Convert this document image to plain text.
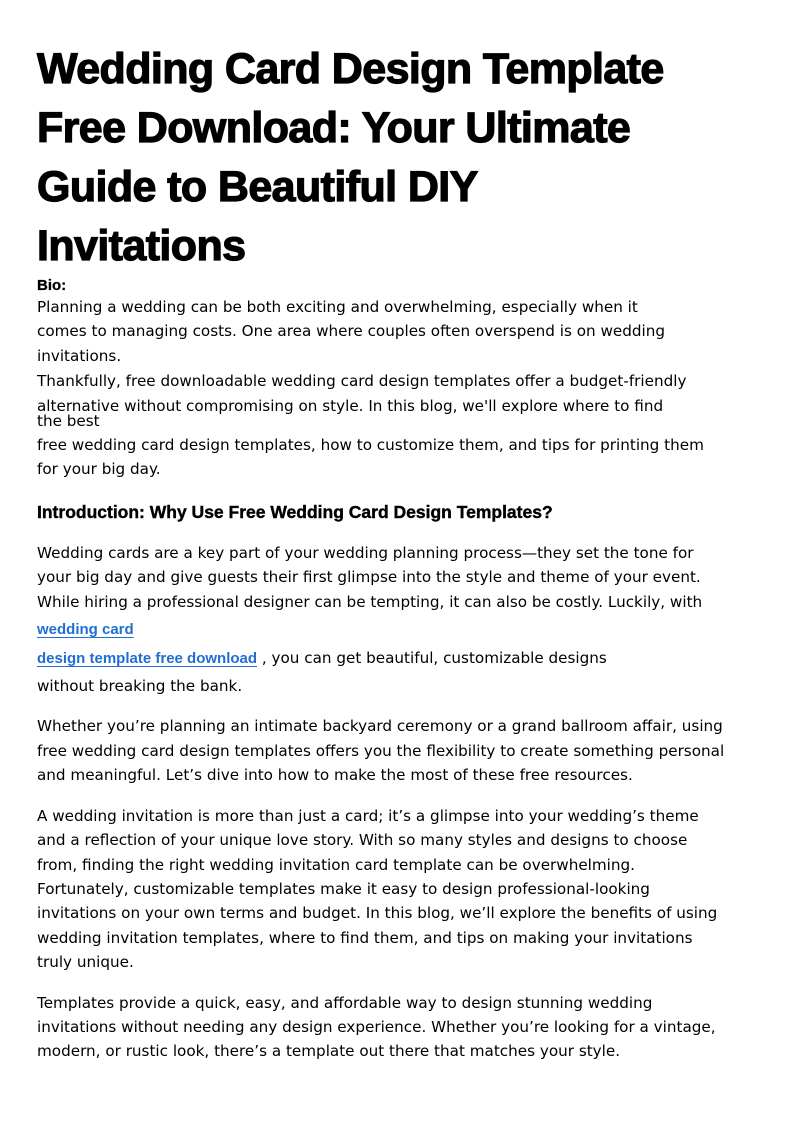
Wedding Card Design Template
Free Download: Your Ultimate
Guide to Beautiful DIY
Invitations
Bio:

Planning a wedding can be both exciting and overwhelming, especially when it
comes to managing costs. One area where couples often overspend is on wedding
invitations.

Thankfully, free downloadable wedding card design templates offer a budget-friendly
alternative without compromising on style. In this blog, we'll explore where to find
the best
free wedding card design templates, how to customize them, and tips for printing them
for your big day.

Introduction: Why Use Free Wedding Card Design Templates?

Wedding cards are a key part of your wedding planning process—they set the tone for
your big day and give guests their first glimpse into the style and theme of your event.
While hiring a professional designer can be tempting, it can also be costly. Luckily, with
wedding card
design template free download , you can get beautiful, customizable designs
without breaking the bank.

Whether you’re planning an intimate backyard ceremony or a grand ballroom affair, using
free wedding card design templates offers you the flexibility to create something personal
and meaningful. Let’s dive into how to make the most of these free resources.

A wedding invitation is more than just a card; it’s a glimpse into your wedding’s theme
and a reflection of your unique love story. With so many styles and designs to choose
from, finding the right wedding invitation card template can be overwhelming.
Fortunately, customizable templates make it easy to design professional-looking
invitations on your own terms and budget. In this blog, we’ll explore the benefits of using
wedding invitation templates, where to find them, and tips on making your invitations
truly unique.

Templates provide a quick, easy, and affordable way to design stunning wedding
invitations without needing any design experience. Whether you’re looking for a vintage,
modern, or rustic look, there’s a template out there that matches your style.
